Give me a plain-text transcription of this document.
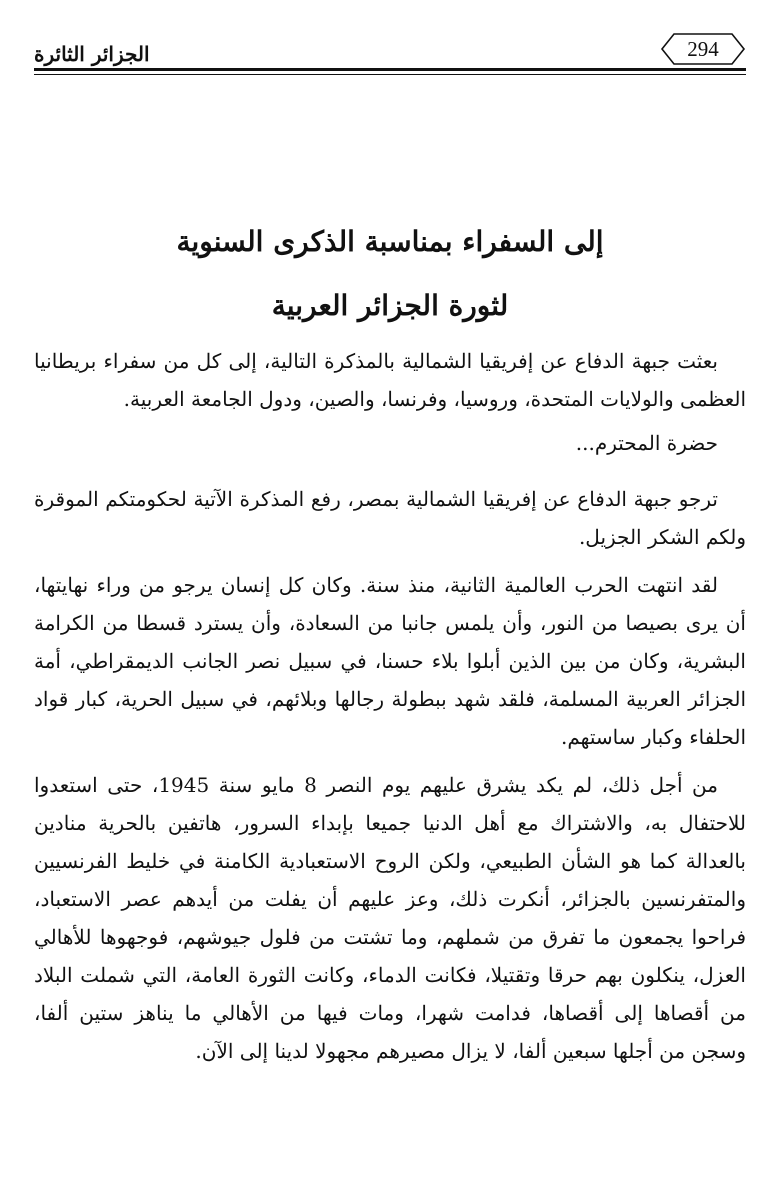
الجزائر الثائرة	294
إلى السفراء بمناسبة الذكرى السنوية
لثورة الجزائر العربية

بعثت جبهة الدفاع عن إفريقيا الشمالية بالمذكرة التالية، إلى كل من سفراء بريطانيا العظمى والولايات المتحدة، وروسيا، وفرنسا، والصين، ودول الجامعة العربية.

حضرة المحترم...

ترجو جبهة الدفاع عن إفريقيا الشمالية بمصر، رفع المذكرة الآتية لحكومتكم الموقرة ولكم الشكر الجزيل.

لقد انتهت الحرب العالمية الثانية، منذ سنة. وكان كل إنسان يرجو من وراء نهايتها، أن يرى بصيصا من النور، وأن يلمس جانبا من السعادة، وأن يسترد قسطا من الكرامة البشرية، وكان من بين الذين أبلوا بلاء حسنا، في سبيل نصر الجانب الديمقراطي، أمة الجزائر العربية المسلمة، فلقد شهد ببطولة رجالها وبلائهم، في سبيل الحرية، كبار قواد الحلفاء وكبار ساستهم.

من أجل ذلك، لم يكد يشرق عليهم يوم النصر 8 مايو سنة 1945، حتى استعدوا للاحتفال به، والاشتراك مع أهل الدنيا جميعا بإبداء السرور، هاتفين بالحرية منادين بالعدالة كما هو الشأن الطبيعي، ولكن الروح الاستعبادية الكامنة في خليط الفرنسيين والمتفرنسين بالجزائر، أنكرت ذلك، وعز عليهم أن يفلت من أيدهم عصر الاستعباد، فراحوا يجمعون ما تفرق من شملهم، وما تشتت من فلول جيوشهم، فوجهوها للأهالي العزل، ينكلون بهم حرقا وتقتيلا، فكانت الدماء، وكانت الثورة العامة، التي شملت البلاد من أقصاها إلى أقصاها، فدامت شهرا، ومات فيها من الأهالي ما يناهز ستين ألفا، وسجن من أجلها سبعين ألفا، لا يزال مصيرهم مجهولا لدينا إلى الآن.
